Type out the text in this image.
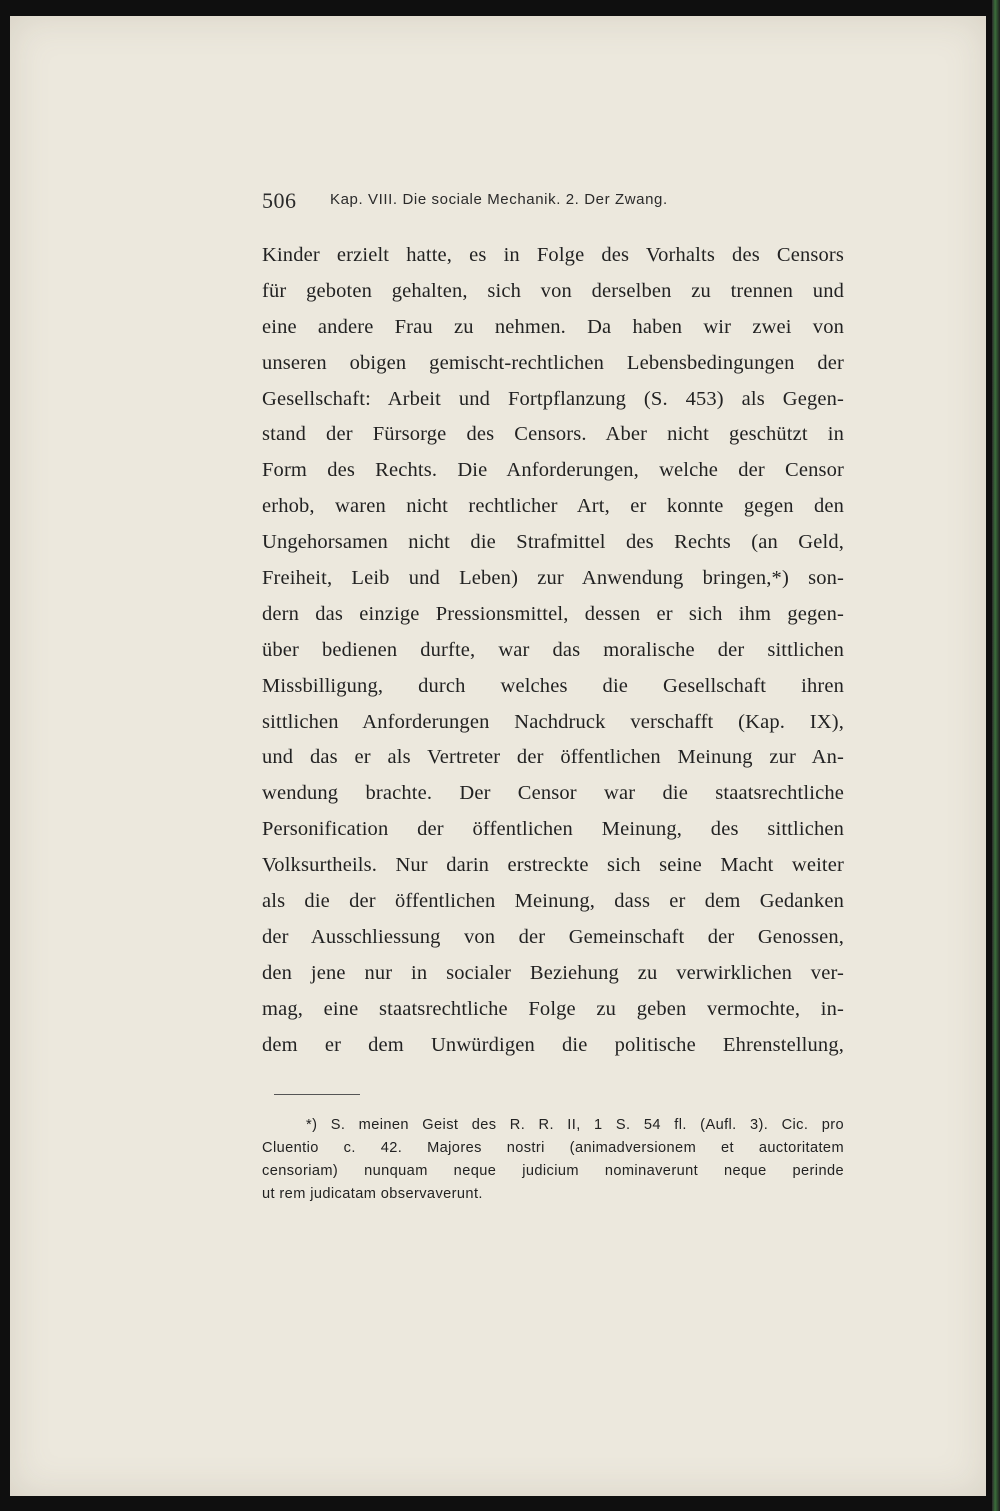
506 Kap. VIII. Die sociale Mechanik. 2. Der Zwang.
Kinder erzielt hatte, es in Folge des Vorhalts des Censors
für geboten gehalten, sich von derselben zu trennen und
eine andere Frau zu nehmen. Da haben wir zwei von
unseren obigen gemischt-rechtlichen Lebensbedingungen der
Gesellschaft: Arbeit und Fortpflanzung (S. 453) als Gegen-
stand der Fürsorge des Censors. Aber nicht geschützt in
Form des Rechts. Die Anforderungen, welche der Censor
erhob, waren nicht rechtlicher Art, er konnte gegen den
Ungehorsamen nicht die Strafmittel des Rechts (an Geld,
Freiheit, Leib und Leben) zur Anwendung bringen,*) son-
dern das einzige Pressionsmittel, dessen er sich ihm gegen-
über bedienen durfte, war das moralische der sittlichen
Missbilligung, durch welches die Gesellschaft ihren
sittlichen Anforderungen Nachdruck verschafft (Kap. IX),
und das er als Vertreter der öffentlichen Meinung zur An-
wendung brachte. Der Censor war die staatsrechtliche
Personification der öffentlichen Meinung, des sittlichen
Volksurtheils. Nur darin erstreckte sich seine Macht weiter
als die der öffentlichen Meinung, dass er dem Gedanken
der Ausschliessung von der Gemeinschaft der Genossen,
den jene nur in socialer Beziehung zu verwirklichen ver-
mag, eine staatsrechtliche Folge zu geben vermochte, in-
dem er dem Unwürdigen die politische Ehrenstellung,
*) S. meinen Geist des R. R. II, 1 S. 54 fl. (Aufl. 3). Cic. pro
Cluentio c. 42. Majores nostri (animadversionem et auctoritatem
censoriam) nunquam neque judicium nominaverunt neque perinde
ut rem judicatam observaverunt.
